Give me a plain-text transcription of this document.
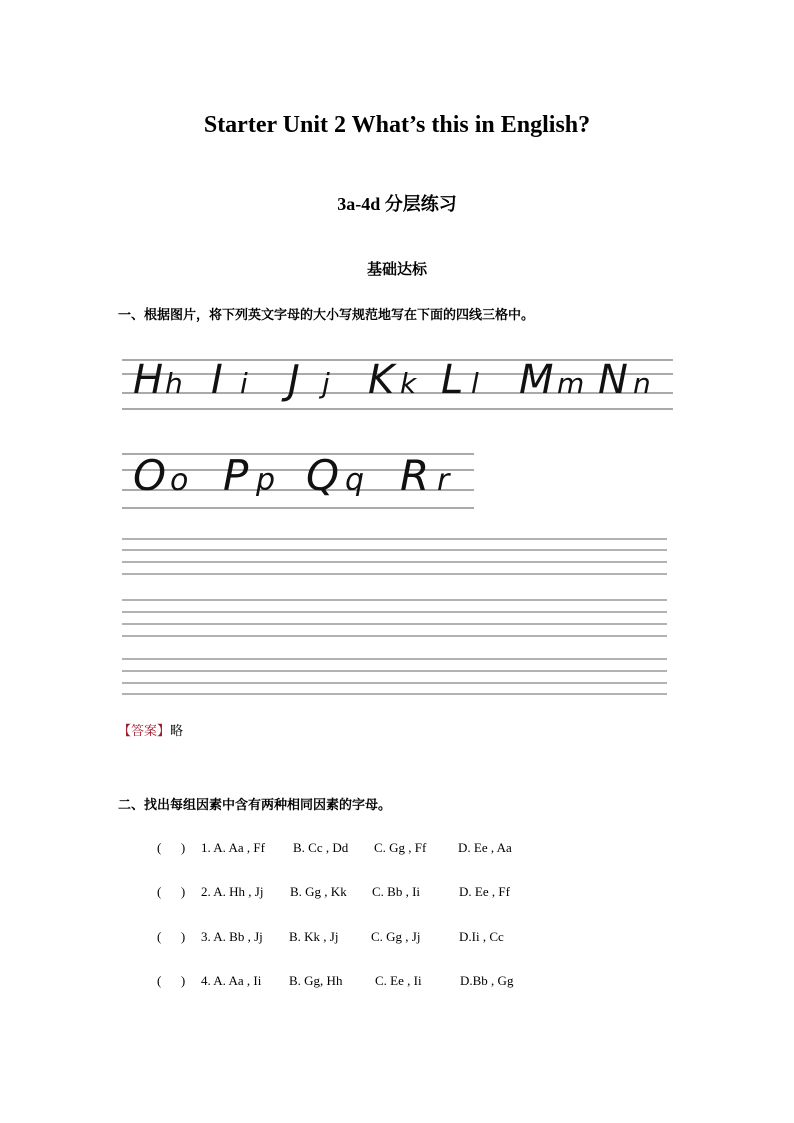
Starter Unit 2 What’s this in English?
3a-4d 分层练习
基础达标
一、根据图片，将下列英文字母的大小写规范地写在下面的四线三格中。
H h I i J j K k L l M m N n
O o P p Q q R r
【答案】略
二、找出每组因素中含有两种相同因素的字母。

(      )

1. A. Aa , Ff

B. Cc , Dd

C. Gg , Ff

D. Ee , Aa

(      )

2. A. Hh , Jj

B. Gg , Kk

C. Bb , Ii

	D. Ee , Ff

(      )

3. A. Bb , Jj

B. Kk , Jj

	C. Gg , Jj

	D.Ii , Cc

(      )

4. A. Aa , Ii

B. Gg, Hh

	C. Ee , Ii

	D.Bb , Gg
